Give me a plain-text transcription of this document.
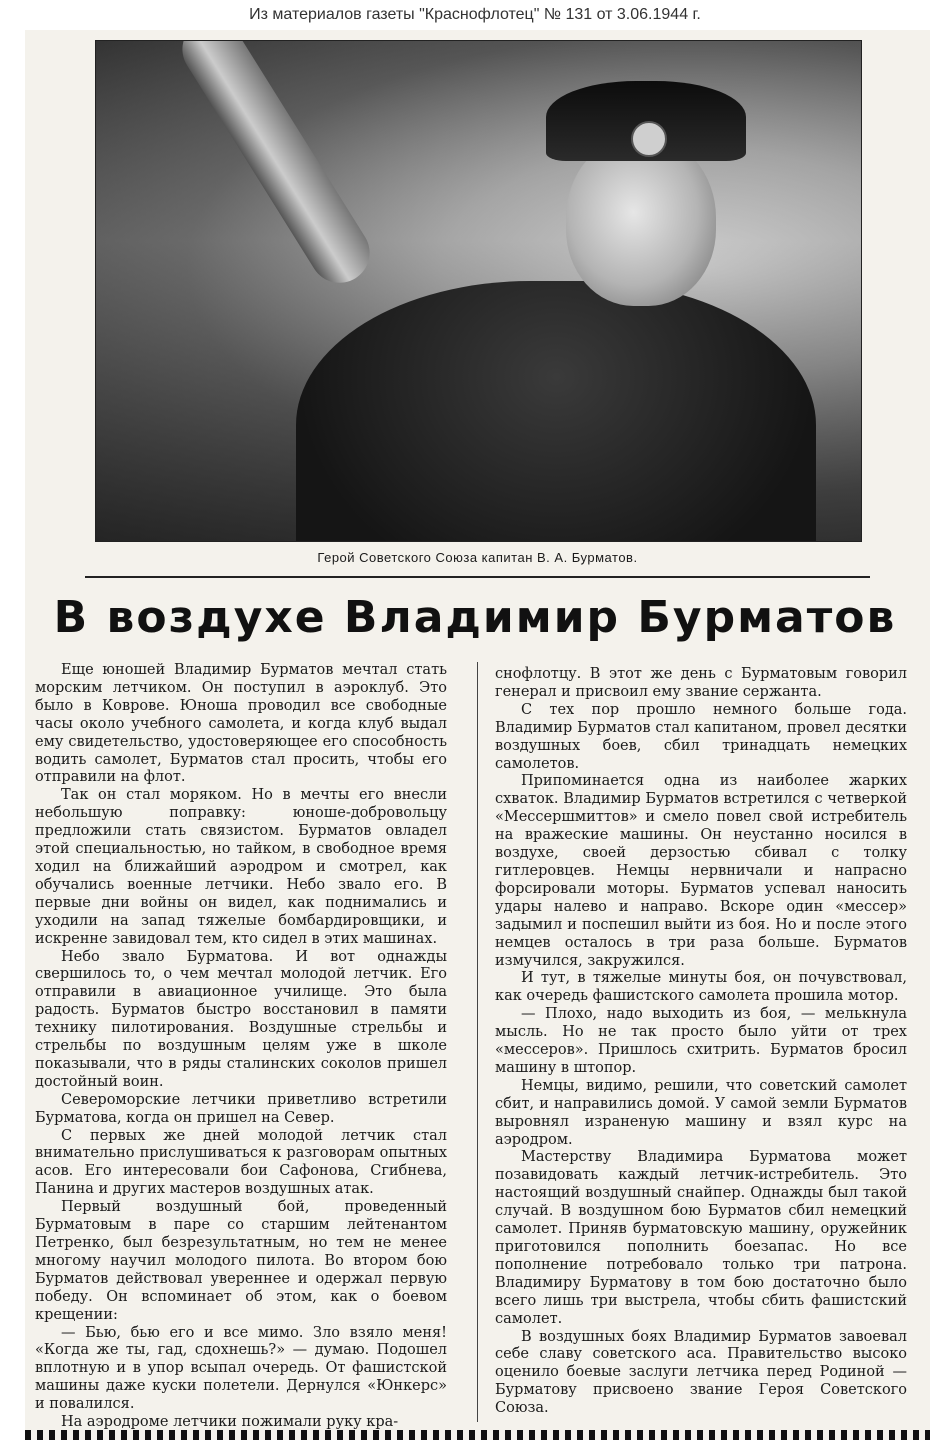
Из материалов газеты "Краснофлотец" № 131 от 3.06.1944 г.
Герой Советского Союза капитан В. А. Бурматов.
В воздухе Владимир Бурматов

Еще юношей Владимир Бурматов мечтал стать морским летчиком. Он поступил в аэроклуб. Это было в Коврове. Юноша проводил все свободные часы около учебного самолета, и когда клуб выдал ему свидетельство, удостоверяющее его способность водить самолет, Бурматов стал просить, чтобы его отправили на флот.

Так он стал моряком. Но в мечты его внесли небольшую поправку: юноше-добровольцу предложили стать связистом. Бурматов овладел этой специальностью, но тайком, в свободное время ходил на ближайший аэродром и смотрел, как обучались военные летчики. Небо звало его. В первые дни войны он видел, как поднимались и уходили на запад тяжелые бомбардировщики, и искренне завидовал тем, кто сидел в этих машинах.

Небо звало Бурматова. И вот однажды свершилось то, о чем мечтал молодой летчик. Его отправили в авиационное училище. Это была радость. Бурматов быстро восстановил в памяти технику пилотирования. Воздушные стрельбы и стрельбы по воздушным целям уже в школе показывали, что в ряды сталинских соколов пришел достойный воин.

Североморские летчики приветливо встретили Бурматова, когда он пришел на Север.

С первых же дней молодой летчик стал внимательно прислушиваться к разговорам опытных асов. Его интересовали бои Сафонова, Сгибнева, Панина и других мастеров воздушных атак.

Первый воздушный бой, проведенный Бурматовым в паре со старшим лейтенантом Петренко, был безрезультатным, но тем не менее многому научил молодого пилота. Во втором бою Бурматов действовал увереннее и одержал первую победу. Он вспоминает об этом, как о боевом крещении:

— Бью, бью его и все мимо. Зло взяло меня! «Когда же ты, гад, сдохнешь?» — думаю. Подошел вплотную и в упор всыпал очередь. От фашистской машины даже куски полетели. Дернулся «Юнкерс» и повалился.

На аэродроме летчики пожимали руку кра-

снофлотцу. В этот же день с Бурматовым говорил генерал и присвоил ему звание сержанта.

С тех пор прошло немного больше года. Владимир Бурматов стал капитаном, провел десятки воздушных боев, сбил тринадцать немецких самолетов.

Припоминается одна из наиболее жарких схваток. Владимир Бурматов встретился с четверкой «Мессершмиттов» и смело повел свой истребитель на вражеские машины. Он неустанно носился в воздухе, своей дерзостью сбивал с толку гитлеровцев. Немцы нервничали и напрасно форсировали моторы. Бурматов успевал наносить удары налево и направо. Вскоре один «мессер» задымил и поспешил выйти из боя. Но и после этого немцев осталось в три раза больше. Бурматов измучился, закружился.

И тут, в тяжелые минуты боя, он почувствовал, как очередь фашистского самолета прошила мотор.

— Плохо, надо выходить из боя, — мелькнула мысль. Но не так просто было уйти от трех «мессеров». Пришлось схитрить. Бурматов бросил машину в штопор.

Немцы, видимо, решили, что советский самолет сбит, и направились домой. У самой земли Бурматов выровнял израненую машину и взял курс на аэродром.

Мастерству Владимира Бурматова может позавидовать каждый летчик-истребитель. Это настоящий воздушный снайпер. Однажды был такой случай. В воздушном бою Бурматов сбил немецкий самолет. Приняв бурматовскую машину, оружейник приготовился пополнить боезапас. Но все пополнение потребовало только три патрона. Владимиру Бурматову в том бою достаточно было всего лишь три выстрела, чтобы сбить фашистский самолет.

В воздушных боях Владимир Бурматов завоевал себе славу советского аса. Правительство высоко оценило боевые заслуги летчика перед Родиной — Бурматову присвоено звание Героя Советского Союза.
